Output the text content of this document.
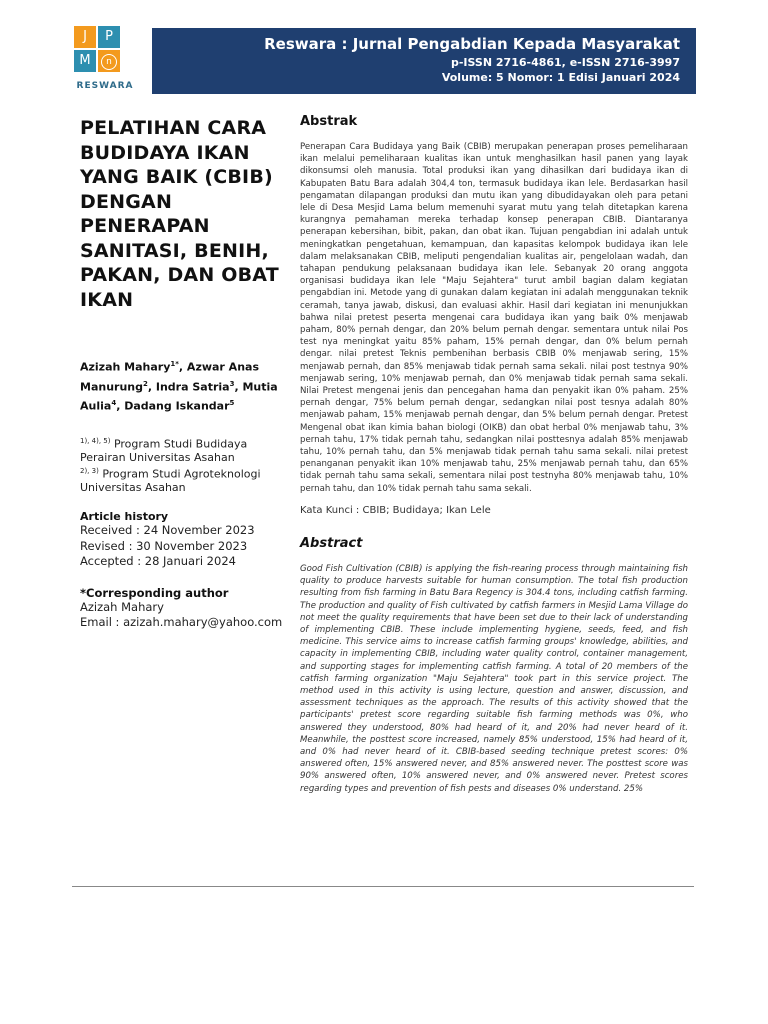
J	P
M	n
RESWARA
Reswara : Jurnal Pengabdian Kepada Masyarakat
p-ISSN 2716-4861, e-ISSN 2716-3997
Volume: 5 Nomor: 1 Edisi Januari 2024
PELATIHAN CARA BUDIDAYA IKAN YANG BAIK (CBIB) DENGAN PENERAPAN SANITASI, BENIH, PAKAN, DAN OBAT IKAN
Azizah Mahary$^{1*}$, Azwar Anas Manurung$^2$, Indra Satria$^3$, Mutia Aulia$^4$, Dadang Iskandar$^5$
$^{1), 4), 5)}$ Program Studi Budidaya Perairan Universitas Asahan
$^{2), 3)}$ Program Studi Agroteknologi Universitas Asahan
Article history
Received : 24 November 2023
Revised : 30 November 2023
Accepted : 28 Januari 2024
*Corresponding author
Azizah Mahary
Email : azizah.mahary@yahoo.com
Abstrak

Penerapan Cara Budidaya yang Baik (CBIB) merupakan penerapan proses pemeliharaan ikan melalui pemeliharaan kualitas ikan untuk menghasilkan hasil panen yang layak dikonsumsi oleh manusia. Total produksi ikan yang dihasilkan dari budidaya ikan di Kabupaten Batu Bara adalah 304,4 ton, termasuk budidaya ikan lele. Berdasarkan hasil pengamatan dilapangan produksi dan mutu ikan yang dibudidayakan oleh para petani lele di Desa Mesjid Lama belum memenuhi syarat mutu yang telah ditetapkan karena kurangnya pemahaman mereka terhadap konsep penerapan CBIB. Diantaranya penerapan kebersihan, bibit, pakan, dan obat ikan. Tujuan pengabdian ini adalah untuk meningkatkan pengetahuan, kemampuan, dan kapasitas kelompok budidaya ikan lele dalam melaksanakan CBIB, meliputi pengendalian kualitas air, pengelolaan wadah, dan tahapan pendukung pelaksanaan budidaya ikan lele. Sebanyak 20 orang anggota organisasi budidaya ikan lele "Maju Sejahtera" turut ambil bagian dalam kegiatan pengabdian ini. Metode yang di gunakan dalam kegiatan ini adalah menggunakan teknik ceramah, tanya jawab, diskusi, dan evaluasi akhir. Hasil dari kegiatan ini menunjukkan bahwa nilai pretest peserta mengenai cara budidaya ikan yang baik 0% menjawab paham, 80% pernah dengar, dan 20% belum pernah dengar. sementara untuk nilai Pos test nya meningkat yaitu 85% paham, 15% pernah dengar, dan 0% belum pernah dengar. nilai pretest Teknis pembenihan berbasis CBIB 0% menjawab sering, 15% menjawab pernah, dan 85% menjawab tidak pernah sama sekali. nilai post testnya 90% menjawab sering, 10% menjawab pernah, dan 0% menjawab tidak pernah sama sekali. Nilai Pretest mengenai jenis dan pencegahan hama dan penyakit ikan 0% paham. 25% pernah dengar, 75% belum pernah dengar, sedangkan nilai post tesnya adalah 80% menjawab paham, 15% menjawab pernah dengar, dan 5% belum pernah dengar. Pretest Mengenal obat ikan kimia bahan biologi (OIKB) dan obat herbal 0% menjawab tahu, 3% pernah tahu, 17% tidak pernah tahu, sedangkan nilai posttesnya adalah 85% menjawab tahu, 10% pernah tahu, dan 5% menjawab tidak pernah tahu sama sekali. nilai pretest penanganan penyakit ikan 10% menjawab tahu, 25% menjawab pernah tahu, dan 65% tidak pernah tahu sama sekali, sementara nilai post testnyha 80% menjawab tahu, 10% pernah tahu, dan 10% tidak pernah tahu sama sekali.

Kata Kunci : CBIB; Budidaya; Ikan Lele
Abstract

Good Fish Cultivation (CBIB) is applying the fish-rearing process through maintaining fish quality to produce harvests suitable for human consumption. The total fish production resulting from fish farming in Batu Bara Regency is 304.4 tons, including catfish farming. The production and quality of Fish cultivated by catfish farmers in Mesjid Lama Village do not meet the quality requirements that have been set due to their lack of understanding of implementing CBIB. These include implementing hygiene, seeds, feed, and fish medicine. This service aims to increase catfish farming groups' knowledge, abilities, and capacity in implementing CBIB, including water quality control, container management, and supporting stages for implementing catfish farming. A total of 20 members of the catfish farming organization "Maju Sejahtera" took part in this service project. The method used in this activity is using lecture, question and answer, discussion, and assessment techniques as the approach. The results of this activity showed that the participants' pretest score regarding suitable fish farming methods was 0%, who answered they understood, 80% had heard of it, and 20% had never heard of it. Meanwhile, the posttest score increased, namely 85% understood, 15% had heard of it, and 0% had never heard of it. CBIB-based seeding technique pretest scores: 0% answered often, 15% answered never, and 85% answered never. The posttest score was 90% answered often, 10% answered never, and 0% answered never. Pretest scores regarding types and prevention of fish pests and diseases 0% understand. 25%
